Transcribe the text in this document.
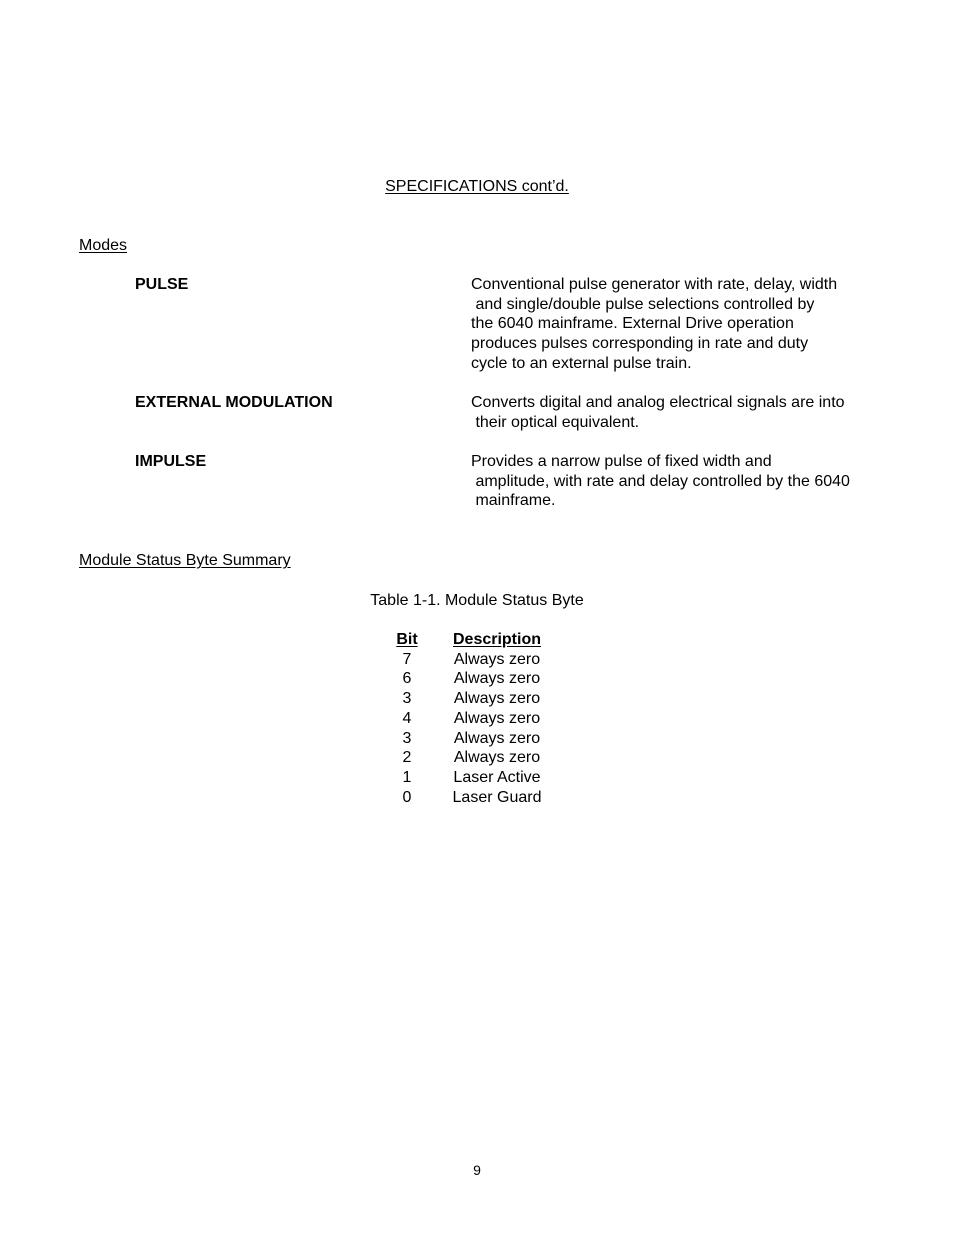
SPECIFICATIONS cont’d.
Modes
PULSE	Conventional pulse generator with rate, delay, width
and single/double pulse selections controlled by
the 6040 mainframe. External Drive operation
produces pulses corresponding in rate and duty
cycle to an external pulse train.
EXTERNAL MODULATION	Converts digital and analog electrical signals are into
their optical equivalent.
IMPULSE	Provides a narrow pulse of fixed width and
amplitude, with rate and delay controlled by the 6040
mainframe.
Module Status Byte Summary
Table 1-1. Module Status Byte
Bit		Description
7		Always zero
6		Always zero
3		Always zero
4		Always zero
3		Always zero
2		Always zero
1		Laser Active
0		Laser Guard
9
